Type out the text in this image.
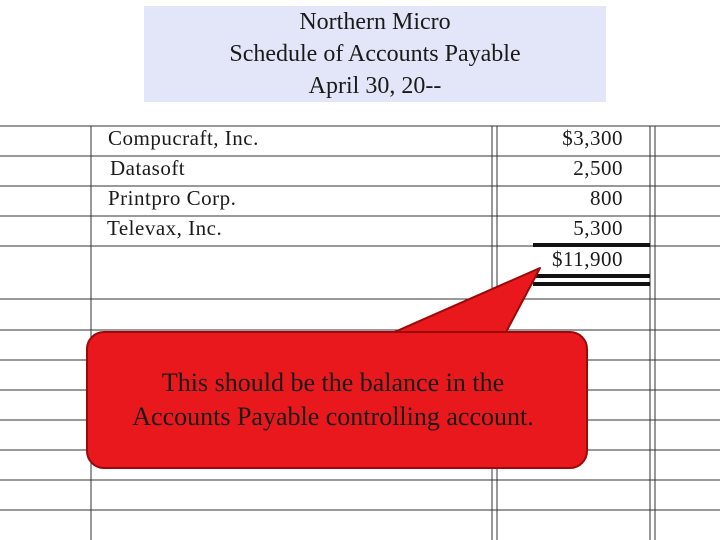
Northern Micro
Schedule of Accounts Payable
April 30, 20--
Compucraft, Inc.	$3,300
Datasoft	2,500
Printpro Corp.	800
Televax, Inc.	5,300
$11,900
This should be the balance in the
Accounts Payable controlling account.
